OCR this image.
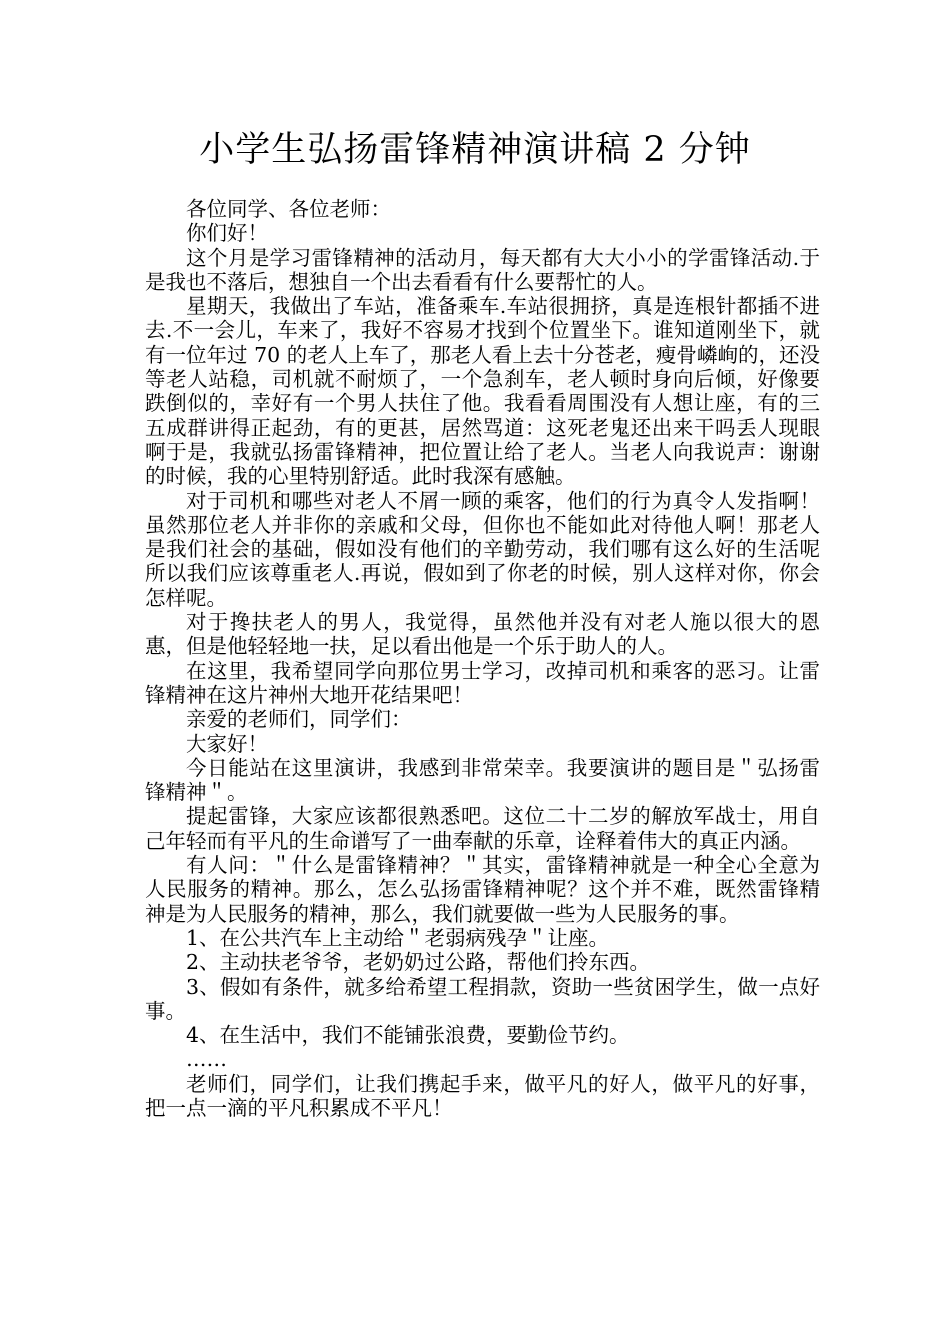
小学生弘扬雷锋精神演讲稿 2 分钟

各位同学、各位老师：

你们好！

这个月是学习雷锋精神的活动月，每天都有大大小小的学雷锋活动.于是我也不落后，想独自一个出去看看有什么要帮忙的人。

星期天，我做出了车站，准备乘车.车站很拥挤，真是连根针都插不进去.不一会儿，车来了，我好不容易才找到个位置坐下。谁知道刚坐下，就有一位年过 70 的老人上车了，那老人看上去十分苍老，瘦骨嶙峋的，还没等老人站稳，司机就不耐烦了，一个急刹车，老人顿时身向后倾，好像要跌倒似的，幸好有一个男人扶住了他。我看看周围没有人想让座，有的三五成群讲得正起劲，有的更甚，居然骂道：这死老鬼还出来干吗丢人现眼啊于是，我就弘扬雷锋精神，把位置让给了老人。当老人向我说声：谢谢的时候，我的心里特别舒适。此时我深有感触。

对于司机和哪些对老人不屑一顾的乘客，他们的行为真令人发指啊！虽然那位老人并非你的亲戚和父母，但你也不能如此对待他人啊！那老人是我们社会的基础，假如没有他们的辛勤劳动，我们哪有这么好的生活呢所以我们应该尊重老人.再说，假如到了你老的时候，别人这样对你，你会怎样呢。

对于搀扶老人的男人，我觉得，虽然他并没有对老人施以很大的恩惠，但是他轻轻地一扶，足以看出他是一个乐于助人的人。

在这里，我希望同学向那位男士学习，改掉司机和乘客的恶习。让雷锋精神在这片神州大地开花结果吧！

亲爱的老师们，同学们：

大家好！

今日能站在这里演讲，我感到非常荣幸。我要演讲的题目是＂弘扬雷锋精神＂。

提起雷锋，大家应该都很熟悉吧。这位二十二岁的解放军战士，用自己年轻而有平凡的生命谱写了一曲奉献的乐章，诠释着伟大的真正内涵。

有人问：＂什么是雷锋精神？＂其实，雷锋精神就是一种全心全意为人民服务的精神。那么，怎么弘扬雷锋精神呢？这个并不难，既然雷锋精神是为人民服务的精神，那么，我们就要做一些为人民服务的事。

1、在公共汽车上主动给＂老弱病残孕＂让座。

2、主动扶老爷爷，老奶奶过公路，帮他们拎东西。

3、假如有条件，就多给希望工程捐款，资助一些贫困学生，做一点好事。

4、在生活中，我们不能铺张浪费，要勤俭节约。

……

老师们，同学们，让我们携起手来，做平凡的好人，做平凡的好事，把一点一滴的平凡积累成不平凡！
